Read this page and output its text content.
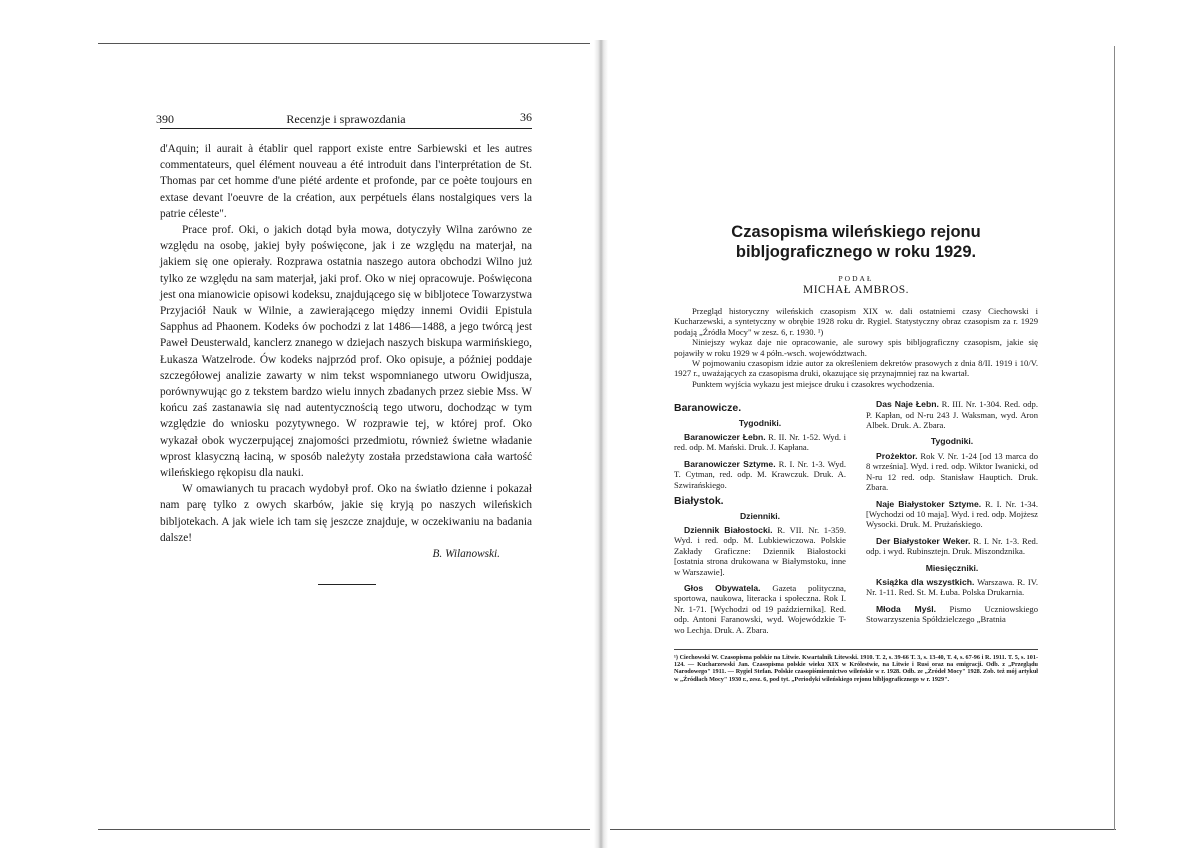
390	Recenzje i sprawozdania	36

d'Aquin; il aurait à établir quel rapport existe entre Sarbiewski et les autres commentateurs, quel élément nouveau a été introduit dans l'interprétation de St. Thomas par cet homme d'une piété ardente et profonde, par ce poète toujours en extase devant l'oeuvre de la création, aux perpétuels élans nostalgiques vers la patrie céleste".

Prace prof. Oki, o jakich dotąd była mowa, dotyczyły Wilna zarówno ze względu na osobę, jakiej były poświęcone, jak i ze względu na materjał, na jakiem się one opierały. Rozprawa ostatnia naszego autora obchodzi Wilno już tylko ze względu na sam materjał, jaki prof. Oko w niej opracowuje. Poświęcona jest ona mianowicie opisowi kodeksu, znajdującego się w bibljotece Towarzystwa Przyjaciół Nauk w Wilnie, a zawierającego między innemi Ovidii Epistula Sapphus ad Phaonem. Kodeks ów pochodzi z lat 1486—1488, a jego twórcą jest Paweł Deusterwald, kanclerz znanego w dziejach naszych biskupa warmińskiego, Łukasza Watzelrode. Ów kodeks najprzód prof. Oko opisuje, a później poddaje szczegółowej analizie zawarty w nim tekst wspomnianego utworu Owidjusza, porównywując go z tekstem bardzo wielu innych zbadanych przez siebie Mss. W końcu zaś zastanawia się nad autentycznością tego utworu, dochodząc w tym względzie do wniosku pozytywnego. W rozprawie tej, w której prof. Oko wykazał obok wyczerpującej znajomości przedmiotu, również świetne władanie wprost klasyczną łaciną, w sposób należyty została przedstawiona cała wartość wileńskiego rękopisu dla nauki.

W omawianych tu pracach wydobył prof. Oko na światło dzienne i pokazał nam parę tylko z owych skarbów, jakie się kryją po naszych wileńskich bibljotekach. A jak wiele ich tam się jeszcze znajduje, w oczekiwaniu na badania dalsze!

B. Wilanowski.
Czasopisma wileńskiego rejonu
bibljograficznego w roku 1929.
PODAŁ
MICHAŁ AMBROS.

Przegląd historyczny wileńskich czasopism XIX w. dali ostatniemi czasy Ciechowski i Kucharzewski, a syntetyczny w obrębie 1928 roku dr. Rygiel. Statystyczny obraz czasopism za r. 1929 podają „Źródła Mocy" w zesz. 6, r. 1930. ¹)

Niniejszy wykaz daje nie opracowanie, ale surowy spis bibljograficzny czasopism, jakie się pojawiły w roku 1929 w 4 półn.-wsch. województwach.

W pojmowaniu czasopism idzie autor za określeniem dekretów prasowych z dnia 8/II. 1919 i 10/V. 1927 r., uważających za czasopisma druki, okazujące się przynajmniej raz na kwartał.

Punktem wyjścia wykazu jest miejsce druku i czasokres wychodzenia.

Baranowicze.
Tygodniki.

Baranowiczer Łebn. R. II. Nr. 1-52. Wyd. i red. odp. M. Mański. Druk. J. Kapłana.

Baranowiczer Sztyme. R. I. Nr. 1-3. Wyd. T. Cytman, red. odp. M. Krawczuk. Druk. A. Szwirańskiego.

Białystok.
Dzienniki.

Dziennik Białostocki. R. VII. Nr. 1-359. Wyd. i red. odp. M. Lubkiewiczowa. Polskie Zakłady Graficzne: Dziennik Białostocki [ostatnia strona drukowana w Białymstoku, inne w Warszawie].

Głos Obywatela. Gazeta polityczna, sportowa, naukowa, literacka i społeczna. Rok I. Nr. 1-71. [Wychodzi od 19 października]. Red. odp. Antoni Faranowski, wyd. Wojewódzkie T-wo Lechja. Druk. A. Zbara.

Das Naje Łebn. R. III. Nr. 1-304. Red. odp. P. Kapłan, od N-ru 243 J. Waksman, wyd. Aron Albek. Druk. A. Zbara.

Tygodniki.

Prożektor. Rok V. Nr. 1-24 [od 13 marca do 8 września]. Wyd. i red. odp. Wiktor Iwanicki, od N-ru 12 red. odp. Stanisław Hauptich. Druk. Zbara.

Naje Białystoker Sztyme. R. I. Nr. 1-34. [Wychodzi od 10 maja]. Wyd. i red. odp. Mojżesz Wysocki. Druk. M. Prużańskiego.

Der Białystoker Weker. R. I. Nr. 1-3. Red. odp. i wyd. Rubinsztejn. Druk. Miszondznika.

Miesięczniki.

Książka dla wszystkich. Warszawa. R. IV. Nr. 1-11. Red. St. M. Łuba. Polska Drukarnia.

Młoda Myśl. Pismo Uczniowskiego Stowarzyszenia Spółdzielczego „Bratnia

¹) Ciechowski W. Czasopisma polskie na Litwie. Kwartalnik Litewski. 1910. T. 2, s. 39-66 T. 3, s. 13-40, T. 4, s. 67-96 i R. 1911. T. 5, s. 101-124. — Kucharzewski Jan. Czasopisma polskie wieku XIX w Królestwie, na Litwie i Rusi oraz na emigracji. Odb. z „Przeglądu Narodowego" 1911. — Rygiel Stefan. Polskie czasopiśmiennictwo wileńskie w r. 1928. Odb. ze „Źródeł Mocy" 1928. Zob. też mój artykuł w „Źródłach Mocy" 1930 r., zesz. 6, pod tyt. „Periodyki wileńskiego rejonu bibljograficznego w r. 1929".
